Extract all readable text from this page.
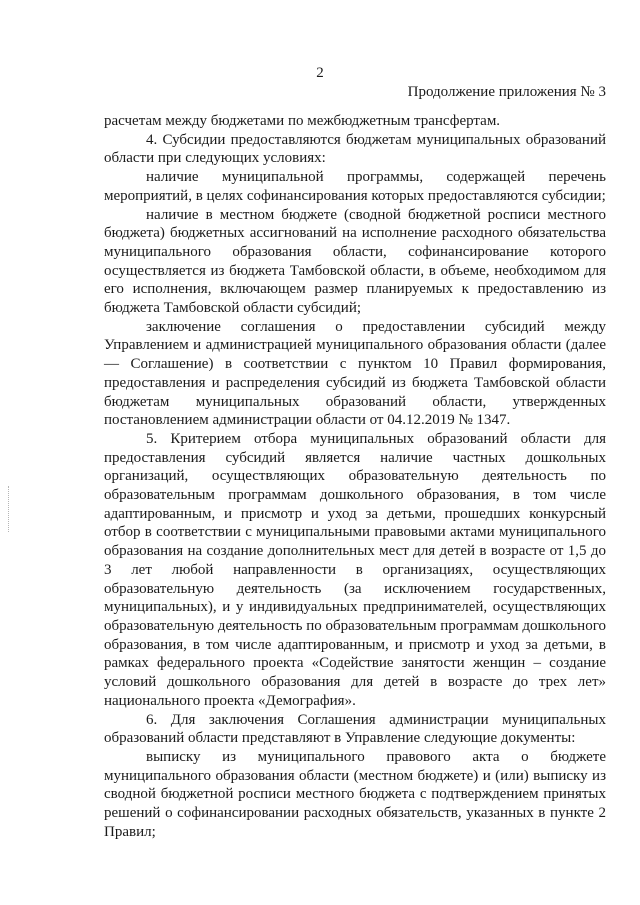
2
Продолжение приложения № 3

расчетам между бюджетами по межбюджетным трансфертам.

4. Субсидии предоставляются бюджетам муниципальных образований области при следующих условиях:

наличие муниципальной программы, содержащей перечень мероприятий, в целях софинансирования которых предоставляются субсидии;

наличие в местном бюджете (сводной бюджетной росписи местного бюджета) бюджетных ассигнований на исполнение расходного обязательства муниципального образования области, софинансирование которого осуществляется из бюджета Тамбовской области, в объеме, необходимом для его исполнения, включающем размер планируемых к предоставлению из бюджета Тамбовской области субсидий;

заключение соглашения о предоставлении субсидий между Управлением и администрацией муниципального образования области (далее — Соглашение) в соответствии с пунктом 10 Правил формирования, предоставления и распределения субсидий из бюджета Тамбовской области бюджетам муниципальных образований области, утвержденных постановлением администрации области от 04.12.2019 № 1347.

5. Критерием отбора муниципальных образований области для предоставления субсидий является наличие частных дошкольных организаций, осуществляющих образовательную деятельность по образовательным программам дошкольного образования, в том числе адаптированным, и присмотр и уход за детьми, прошедших конкурсный отбор в соответствии с муниципальными правовыми актами муниципального образования на создание дополнительных мест для детей в возрасте от 1,5 до 3 лет любой направленности в организациях, осуществляющих образовательную деятельность (за исключением государственных, муниципальных), и у индивидуальных предпринимателей, осуществляющих образовательную деятельность по образовательным программам дошкольного образования, в том числе адаптированным, и присмотр и уход за детьми, в рамках федерального проекта «Содействие занятости женщин – создание условий дошкольного образования для детей в возрасте до трех лет» национального проекта «Демография».

6. Для заключения Соглашения администрации муниципальных образований области представляют в Управление следующие документы:

выписку из муниципального правового акта о бюджете муниципального образования области (местном бюджете) и (или) выписку из сводной бюджетной росписи местного бюджета с подтверждением принятых решений о софинансировании расходных обязательств, указанных в пункте 2 Правил;
